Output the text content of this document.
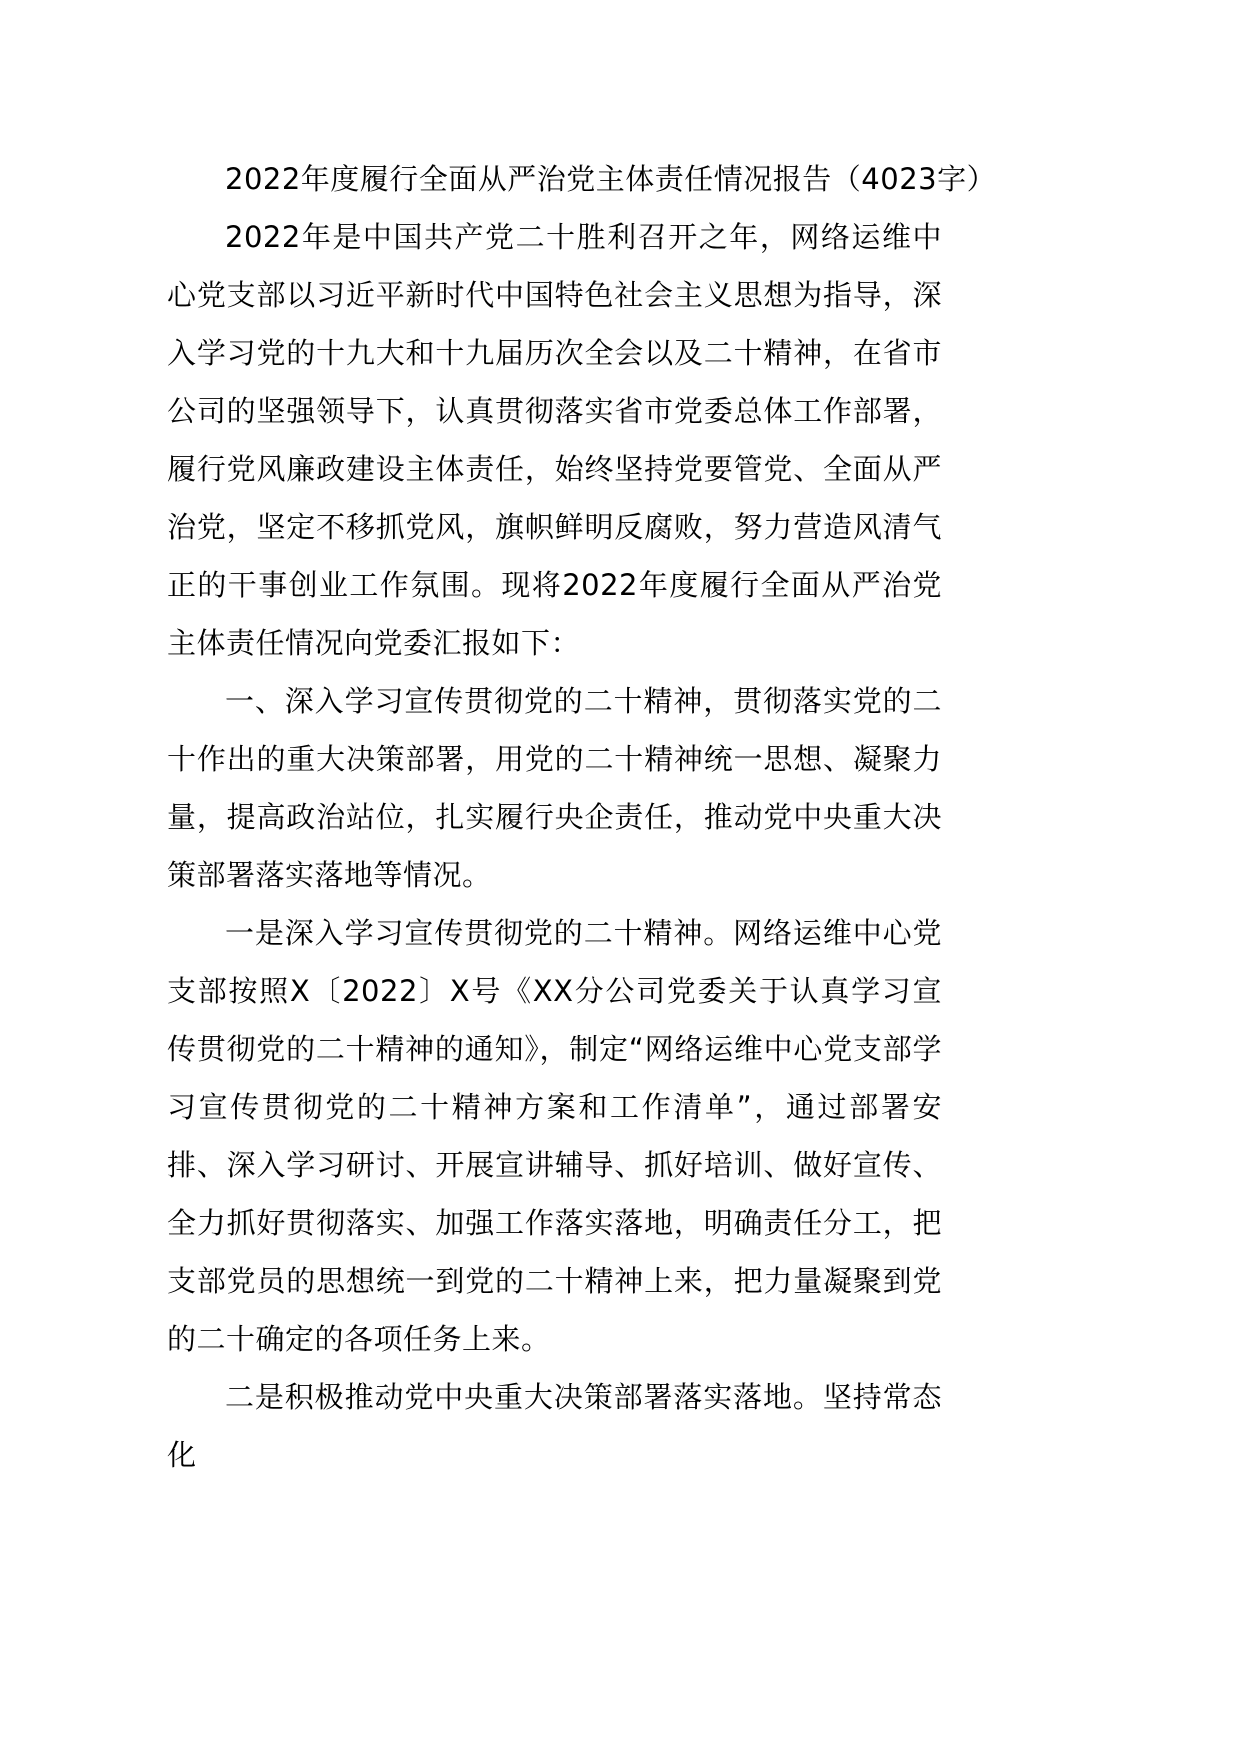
2022年度履行全面从严治党主体责任情况报告（4023字）

2022年是中国共产党二十胜利召开之年，网络运维中心党支部以习近平新时代中国特色社会主义思想为指导，深入学习党的十九大和十九届历次全会以及二十精神，在省市公司的坚强领导下，认真贯彻落实省市党委总体工作部署，履行党风廉政建设主体责任，始终坚持党要管党、全面从严治党，坚定不移抓党风，旗帜鲜明反腐败，努力营造风清气正的干事创业工作氛围。现将2022年度履行全面从严治党主体责任情况向党委汇报如下：

一、深入学习宣传贯彻党的二十精神，贯彻落实党的二十作出的重大决策部署，用党的二十精神统一思想、凝聚力量，提高政治站位，扎实履行央企责任，推动党中央重大决策部署落实落地等情况。

一是深入学习宣传贯彻党的二十精神。网络运维中心党支部按照X〔2022〕X号《XX分公司党委关于认真学习宣传贯彻党的二十精神的通知》，制定“网络运维中心党支部学习宣传贯彻党的二十精神方案和工作清单”，通过部署安排、深入学习研讨、开展宣讲辅导、抓好培训、做好宣传、全力抓好贯彻落实、加强工作落实落地，明确责任分工，把支部党员的思想统一到党的二十精神上来，把力量凝聚到党的二十确定的各项任务上来。

二是积极推动党中央重大决策部署落实落地。坚持常态化
